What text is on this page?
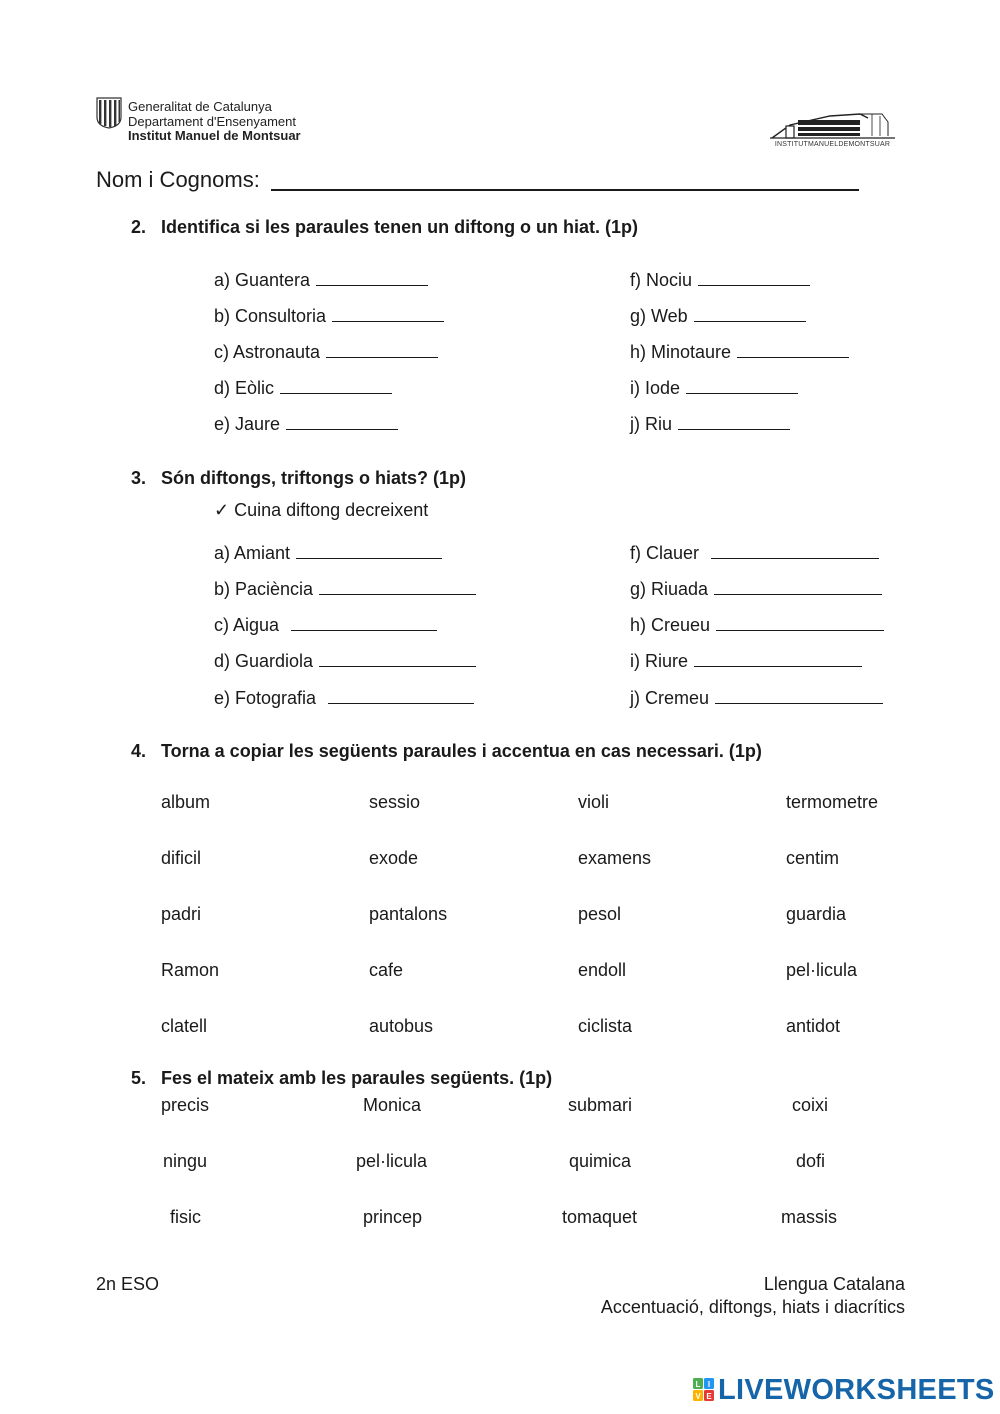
Generalitat de Catalunya
Departament d'Ensenyament
Institut Manuel de Montsuar
INSTITUTMANUELDEMONTSUAR
Nom i Cognoms:
2. Identifica si les paraules tenen un diftong o un hiat. (1p)
a) Guantera
b) Consultoria
c) Astronauta
d) Eòlic
e) Jaure
f) Nociu
g) Web
h) Minotaure
i) Iode
j) Riu
3. Són diftongs, triftongs o hiats? (1p)
✓ Cuina diftong decreixent
a) Amiant
b) Paciència
c) Aigua
d) Guardiola
e) Fotografia
f) Clauer
g) Riuada
h) Creueu
i) Riure
j) Cremeu
4. Torna a copiar les següents paraules i accentua en cas necessari. (1p)
album	sessio	violi	termometre
dificil	exode	examens	centim
padri	pantalons	pesol	guardia
Ramon	cafe	endoll	pel·licula
clatell	autobus	ciclista	antidot
5. Fes el mateix amb les paraules següents. (1p)
precis	Monica	submari	coixi
ningu	pel·licula	quimica	dofi
fisic	princep	tomaquet	massis
2n ESO	Llengua Catalana
Accentuació, diftongs, hiats i diacrítics
L I
V E LIVEWORKSHEETS
